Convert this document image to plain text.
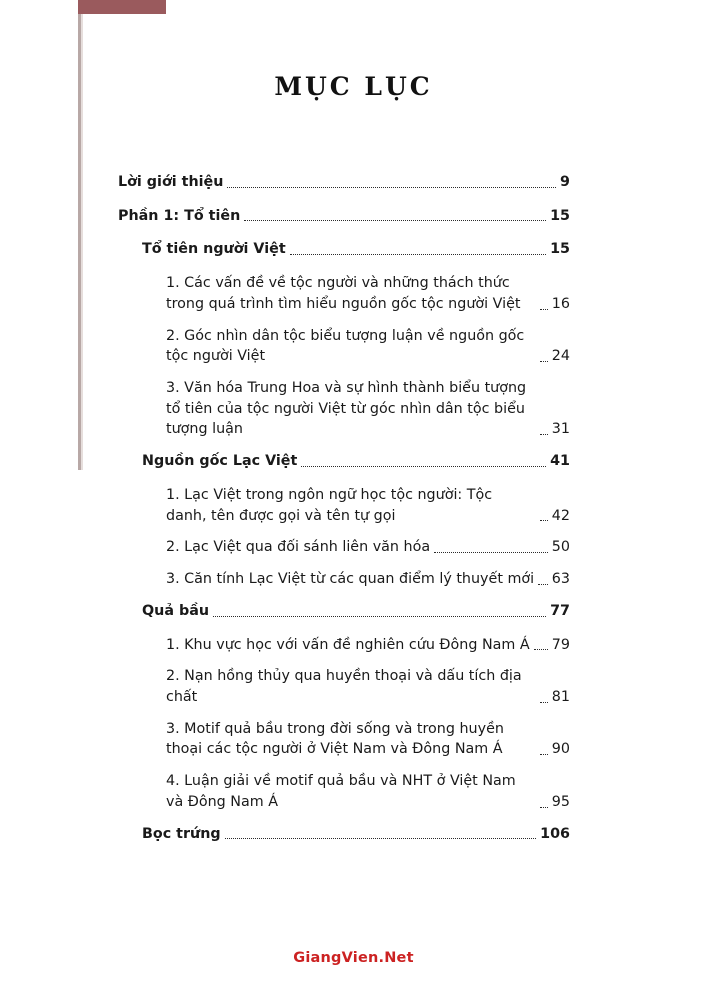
MỤC LỤC
Lời giới thiệu	9
Phần 1: Tổ tiên	15
Tổ tiên người Việt	15
1. Các vấn đề về tộc người và những thách thức trong quá trình tìm hiểu nguồn gốc tộc người Việt	16
2. Góc nhìn dân tộc biểu tượng luận về nguồn gốc tộc người Việt	24
3. Văn hóa Trung Hoa và sự hình thành biểu tượng tổ tiên của tộc người Việt từ góc nhìn dân tộc biểu tượng luận	31
Nguồn gốc Lạc Việt	41
1. Lạc Việt trong ngôn ngữ học tộc người: Tộc danh, tên được gọi và tên tự gọi	42
2. Lạc Việt qua đối sánh liên văn hóa	50
3. Căn tính Lạc Việt từ các quan điểm lý thuyết mới 63
Quả bầu	77
1. Khu vực học với vấn đề nghiên cứu Đông Nam Á 79
2. Nạn hồng thủy qua huyền thoại và dấu tích địa chất	81
3. Motif quả bầu trong đời sống và trong huyền thoại các tộc người ở Việt Nam và Đông Nam Á	90
4. Luận giải về motif quả bầu và NHT ở Việt Nam và Đông Nam Á	95
Bọc trứng	106
GiangVien.Net
